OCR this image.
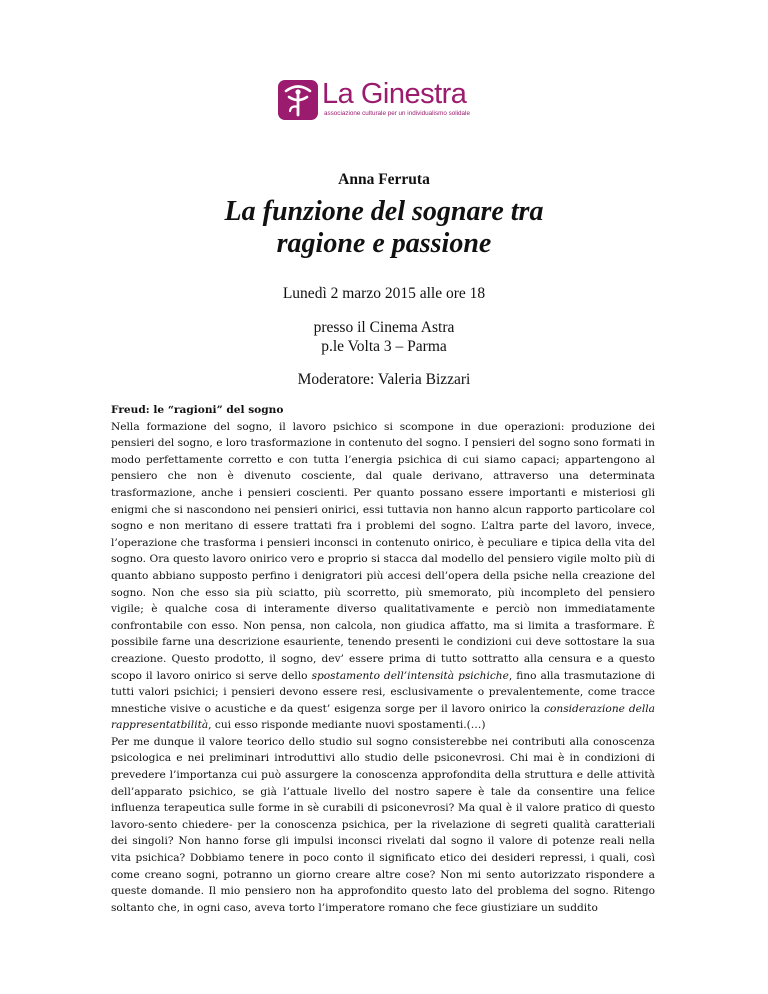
La Ginestra
associazione culturale per un individualismo solidale

Anna Ferruta

La funzione del sognare tra
ragione e passione

Lunedì 2 marzo 2015 alle ore 18

presso il Cinema Astra
p.le Volta 3 – Parma

Moderatore: Valeria Bizzari

Freud: le “ragioni” del sogno

Nella formazione del sogno, il lavoro psichico si scompone in due operazioni: produzione dei pensieri del sogno, e loro trasformazione in contenuto del sogno. I pensieri del sogno sono formati in modo perfettamente corretto e con tutta l’energia psichica di cui siamo capaci; appartengono al pensiero che non è divenuto cosciente, dal quale derivano, attraverso una determinata trasformazione, anche i pensieri coscienti. Per quanto possano essere importanti e misteriosi gli enigmi che si nascondono nei pensieri onirici, essi tuttavia non hanno alcun rapporto particolare col sogno e non meritano di essere trattati fra i problemi del sogno. L’altra parte del lavoro, invece, l’operazione che trasforma i pensieri inconsci in contenuto onirico, è peculiare e tipica della vita del sogno. Ora questo lavoro onirico vero e proprio si stacca dal modello del pensiero vigile molto più di quanto abbiano supposto perfino i denigratori più accesi dell’opera della psiche nella creazione del sogno. Non che esso sia più sciatto, più scorretto, più smemorato, più incompleto del pensiero vigile; è qualche cosa di interamente diverso qualitativamente e perciò non immediatamente confrontabile con esso. Non pensa, non calcola, non giudica affatto, ma si limita a trasformare. È possibile farne una descrizione esauriente, tenendo presenti le condizioni cui deve sottostare la sua creazione. Questo prodotto, il sogno, dev’ essere prima di tutto sottratto alla censura e a questo scopo il lavoro onirico si serve dello spostamento dell’intensità psichiche, fino alla trasmutazione di tutti valori psichici; i pensieri devono essere resi, esclusivamente o prevalentemente, come tracce mnestiche visive o acustiche e da quest’ esigenza sorge per il lavoro onirico la considerazione della rappresentatbilità, cui esso risponde mediante nuovi spostamenti.(…)

Per me dunque il valore teorico dello studio sul sogno consisterebbe nei contributi alla conoscenza psicologica e nei preliminari introduttivi allo studio delle psiconevrosi. Chi mai è in condizioni di prevedere l’importanza cui può assurgere la conoscenza approfondita della struttura e delle attività dell’apparato psichico, se già l’attuale livello del nostro sapere è tale da consentire una felice influenza terapeutica sulle forme in sè curabili di psiconevrosi? Ma qual è il valore pratico di questo lavoro-sento chiedere- per la conoscenza psichica, per la rivelazione di segreti qualità caratteriali dei singoli? Non hanno forse gli impulsi inconsci rivelati dal sogno il valore di potenze reali nella vita psichica? Dobbiamo tenere in poco conto il significato etico dei desideri repressi, i quali, così come creano sogni, potranno un giorno creare altre cose? Non mi sento autorizzato rispondere a queste domande. Il mio pensiero non ha approfondito questo lato del problema del sogno. Ritengo soltanto che, in ogni caso, aveva torto l’imperatore romano che fece giustiziare un suddito
